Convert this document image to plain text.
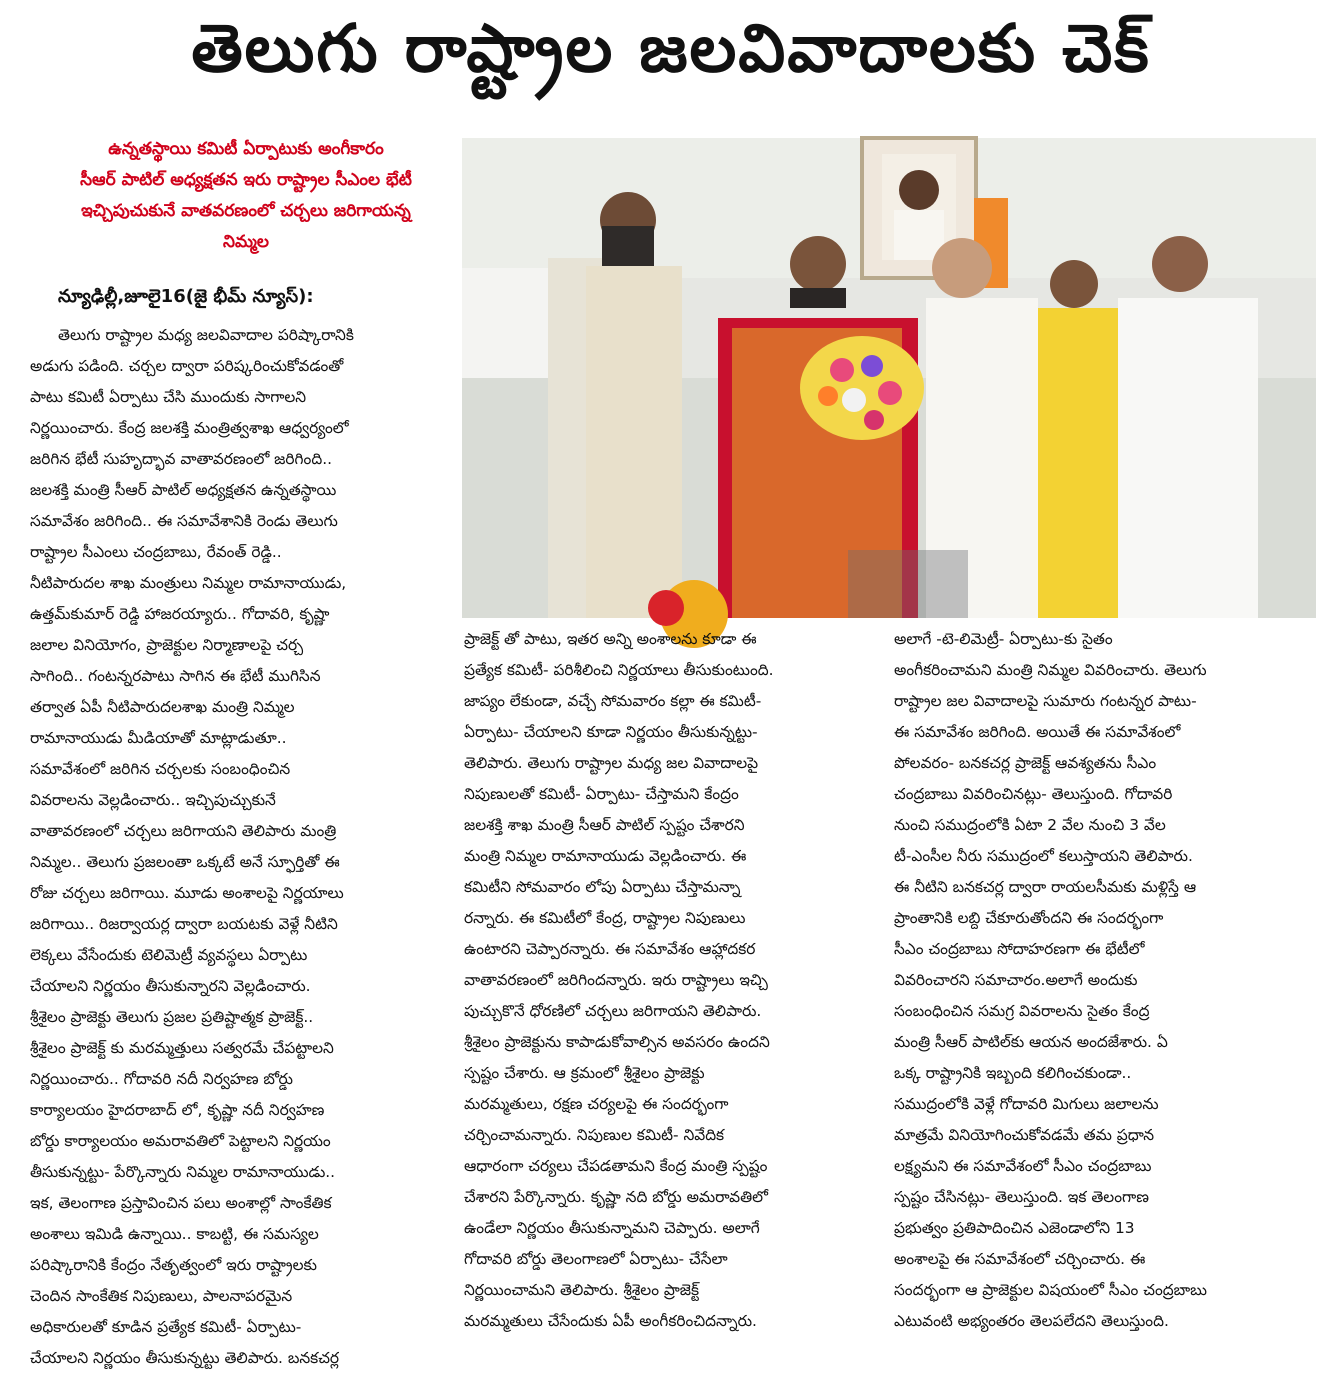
తెలుగు రాష్ట్రాల జలవివాదాలకు చెక్
ఉన్నతస్థాయి కమిటీ ఏర్పాటుకు అంగీకారం
సీఆర్ పాటిల్ అధ్యక్షతన ఇరు రాష్ట్రాల సీఎంల భేటీ
ఇచ్చిపుచుకునే వాతవరణంలో చర్చలు జరిగాయన్న
నిమ్మల
న్యూఢిల్లీ,జూలై16(జై భీమ్ న్యూస్):

తెలుగు రాష్ట్రాల మధ్య జలవివాదాల పరిష్కారానికి

అడుగు పడింది. చర్చల ద్వారా పరిష్కరించుకోవడంతో

పాటు కమిటీ ఏర్పాటు చేసి ముందుకు సాగాలని

నిర్ణయించారు. కేంద్ర జలశక్తి మంత్రిత్వశాఖ ఆధ్వర్యంలో

జరిగిన భేటీ సుహృద్భావ వాతావరణంలో జరిగింది..

జలశక్తి మంత్రి సీఆర్ పాటిల్ అధ్యక్షతన ఉన్నతస్థాయి

సమావేశం జరిగింది.. ఈ సమావేశానికి రెండు తెలుగు

రాష్ట్రాల సీఎంలు చంద్రబాబు, రేవంత్ రెడ్డి..

నీటిపారుదల శాఖ మంత్రులు నిమ్మల రామానాయుడు,

ఉత్తమ్‌కుమార్ రెడ్డి హాజరయ్యారు.. గోదావరి, కృష్ణా

జలాల వినియోగం, ప్రాజెక్టుల నిర్మాణాలపై చర్చ

సాగింది.. గంటన్నరపాటు సాగిన ఈ భేటీ ముగిసిన

తర్వాత ఏపీ నీటిపారుదలశాఖ మంత్రి నిమ్మల

రామానాయుడు మీడియాతో మాట్లాడుతూ..

సమావేశంలో జరిగిన చర్చలకు సంబంధించిన

వివరాలను వెల్లడించారు.. ఇచ్చిపుచ్చుకునే

వాతావరణంలో చర్చలు జరిగాయని తెలిపారు మంత్రి

నిమ్మల.. తెలుగు ప్రజలంతా ఒక్కటే అనే స్ఫూర్తితో ఈ

రోజు చర్చలు జరిగాయి. మూడు అంశాలపై నిర్ణయాలు

జరిగాయి.. రిజర్వాయర్ల ద్వారా బయటకు వెళ్లే నీటిని

లెక్కలు వేసేందుకు టెలిమెట్రీ వ్యవస్థలు ఏర్పాటు

చేయాలని నిర్ణయం తీసుకున్నారని వెల్లడించారు.

శ్రీశైలం ప్రాజెక్టు తెలుగు ప్రజల ప్రతిష్టాత్మక ప్రాజెక్ట్..

శ్రీశైలం ప్రాజెక్ట్ కు మరమ్మత్తులు సత్వరమే చేపట్టాలని

నిర్ణయించారు.. గోదావరి నదీ నిర్వహణ బోర్డు

కార్యాలయం హైదరాబాద్ లో, కృష్ణా నదీ నిర్వహణ

బోర్డు కార్యాలయం అమరావతిలో పెట్టాలని నిర్ణయం

తీసుకున్నట్టు- పేర్కొన్నారు నిమ్మల రామానాయుడు..

ఇక, తెలంగాణ ప్రస్తావించిన పలు అంశాల్లో సాంకేతిక

అంశాలు ఇమిడి ఉన్నాయి.. కాబట్టి, ఈ సమస్యల

పరిష్కారానికి కేంద్రం నేతృత్వంలో ఇరు రాష్ట్రాలకు

చెందిన సాంకేతిక నిపుణులు, పాలనాపరమైన

అధికారులతో కూడిన ప్రత్యేక కమిటీ- ఏర్పాటు-

చేయాలని నిర్ణయం తీసుకున్నట్టు తెలిపారు. బనకచర్ల

ప్రాజెక్ట్ తో పాటు, ఇతర అన్ని అంశాలను కూడా ఈ

ప్రత్యేక కమిటీ- పరిశీలించి నిర్ణయాలు తీసుకుంటుంది.

జాప్యం లేకుండా, వచ్చే సోమవారం కల్లా ఈ కమిటీ-

ఏర్పాటు- చేయాలని కూడా నిర్ణయం తీసుకున్నట్టు-

తెలిపారు. తెలుగు రాష్ట్రాల మధ్య జల వివాదాలపై

నిపుణులతో కమిటీ- ఏర్పాటు- చేస్తామని కేంద్రం

జలశక్తి శాఖ మంత్రి సీఆర్ పాటిల్ స్పష్టం చేశారని

మంత్రి నిమ్మల రామానాయుడు వెల్లడించారు. ఈ

కమిటీని సోమవారం లోపు ఏర్పాటు చేస్తామన్నా

రన్నారు. ఈ కమిటీలో కేంద్ర, రాష్ట్రాల నిపుణులు

ఉంటారని చెప్పారన్నారు. ఈ సమావేశం ఆహ్లాదకర

వాతావరణంలో జరిగిందన్నారు. ఇరు రాష్ట్రాలు ఇచ్చి

పుచ్చుకొనే ధోరణిలో చర్చలు జరిగాయని తెలిపారు.

శ్రీశైలం ప్రాజెక్టును కాపాడుకోవాల్సిన అవసరం ఉందని

స్పష్టం చేశారు. ఆ క్రమంలో శ్రీశైలం ప్రాజెక్టు

మరమ్మతులు, రక్షణ చర్యలపై ఈ సందర్భంగా

చర్చించామన్నారు. నిపుణుల కమిటీ- నివేదిక

ఆధారంగా చర్యలు చేపడతామని కేంద్ర మంత్రి స్పష్టం

చేశారని పేర్కొన్నారు. కృష్ణా నది బోర్డు అమరావతిలో

ఉండేలా నిర్ణయం తీసుకున్నామని చెప్పారు. అలాగే

గోదావరి బోర్డు తెలంగాణలో ఏర్పాటు- చేసేలా

నిర్ణయించామని తెలిపారు. శ్రీశైలం ప్రాజెక్ట్

మరమ్మతులు చేసేందుకు ఏపీ అంగీకరించిదన్నారు.

అలాగే -టె-లిమెట్రీ- ఏర్పాటు-కు సైతం

అంగీకరించామని మంత్రి నిమ్మల వివరించారు. తెలుగు

రాష్ట్రాల జల వివాదాలపై సుమారు గంటన్నర పాటు-

ఈ సమావేశం జరిగింది. అయితే ఈ సమావేశంలో

పోలవరం- బనకచర్ల ప్రాజెక్ట్ ఆవశ్యతను సీఎం

చంద్రబాబు వివరించినట్లు- తెలుస్తుంది. గోదావరి

నుంచి సముద్రంలోకి ఏటా 2 వేల నుంచి 3 వేల

టీ-ఎంసీల నీరు సముద్రంలో కలుస్తాయని తెలిపారు.

ఈ నీటిని బనకచర్ల ద్వారా రాయలసీమకు మళ్లిస్తే ఆ

ప్రాంతానికి లబ్ది చేకూరుతోందని ఈ సందర్భంగా

సీఎం చంద్రబాబు సోదాహరణగా ఈ భేటీలో

వివరించారని సమాచారం.అలాగే అందుకు

సంబంధించిన సమగ్ర వివరాలను సైతం కేంద్ర

మంత్రి సీఆర్ పాటిల్‌కు ఆయన అందజేశారు. ఏ

ఒక్క రాష్ట్రానికి ఇబ్బంది కలిగించకుండా..

సముద్రంలోకి వెళ్లే గోదావరి మిగులు జలాలను

మాత్రమే వినియోగించుకోవడమే తమ ప్రధాన

లక్ష్యమని ఈ సమావేశంలో సీఎం చంద్రబాబు

స్పష్టం చేసినట్లు- తెలుస్తుంది. ఇక తెలంగాణ

ప్రభుత్వం ప్రతిపాదించిన ఎజెండాలోని 13

అంశాలపై ఈ సమావేశంలో చర్చించారు. ఈ

సందర్భంగా ఆ ప్రాజెక్టుల విషయంలో సీఎం చంద్రబాబు

ఎటువంటి అభ్యంతరం తెలపలేదని తెలుస్తుంది.
